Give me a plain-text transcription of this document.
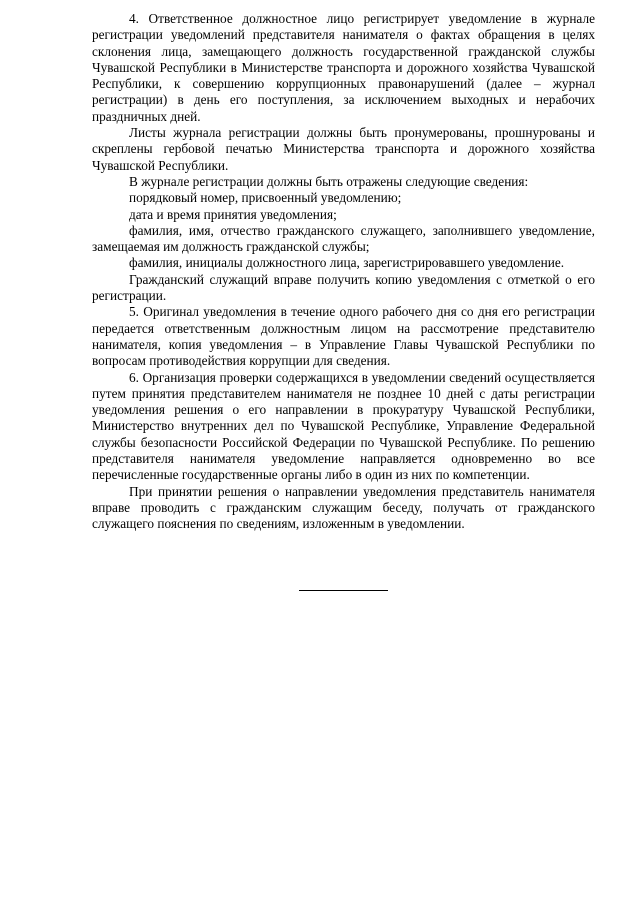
4. Ответственное должностное лицо регистрирует уведомление в журнале регистрации уведомлений представителя нанимателя о фактах обращения в целях склонения лица, замещающего должность государственной гражданской службы Чувашской Республики в Министерстве транспорта и дорожного хозяйства Чувашской Республики, к совершению коррупционных правонарушений (далее – журнал регистрации) в день его поступления, за исключением выходных и нерабочих праздничных дней.

Листы журнала регистрации должны быть пронумерованы, прошнурованы и скреплены гербовой печатью Министерства транспорта и дорожного хозяйства Чувашской Республики.

В журнале регистрации должны быть отражены следующие сведения:

порядковый номер, присвоенный уведомлению;

дата и время принятия уведомления;

фамилия, имя, отчество гражданского служащего, заполнившего уведомление, замещаемая им должность гражданской службы;

фамилия, инициалы должностного лица, зарегистрировавшего уведомление.

Гражданский служащий вправе получить копию уведомления с отметкой о его регистрации.

5. Оригинал уведомления в течение одного рабочего дня со дня его регистрации передается ответственным должностным лицом на рассмотрение представителю нанимателя, копия уведомления – в Управление Главы Чувашской Республики по вопросам противодействия коррупции для сведения.

6. Организация проверки содержащихся в уведомлении сведений осуществляется путем принятия представителем нанимателя не позднее 10 дней с даты регистрации уведомления решения о его направлении в прокуратуру Чувашской Республики, Министерство внутренних дел по Чувашской Республике, Управление Федеральной службы безопасности Российской Федерации по Чувашской Республике. По решению представителя нанимателя уведомление направляется одновременно во все перечисленные государственные органы либо в один из них по компетенции.

При принятии решения о направлении уведомления представитель нанимателя вправе проводить с гражданским служащим беседу, получать от гражданского служащего пояснения по сведениям, изложенным в уведомлении.
